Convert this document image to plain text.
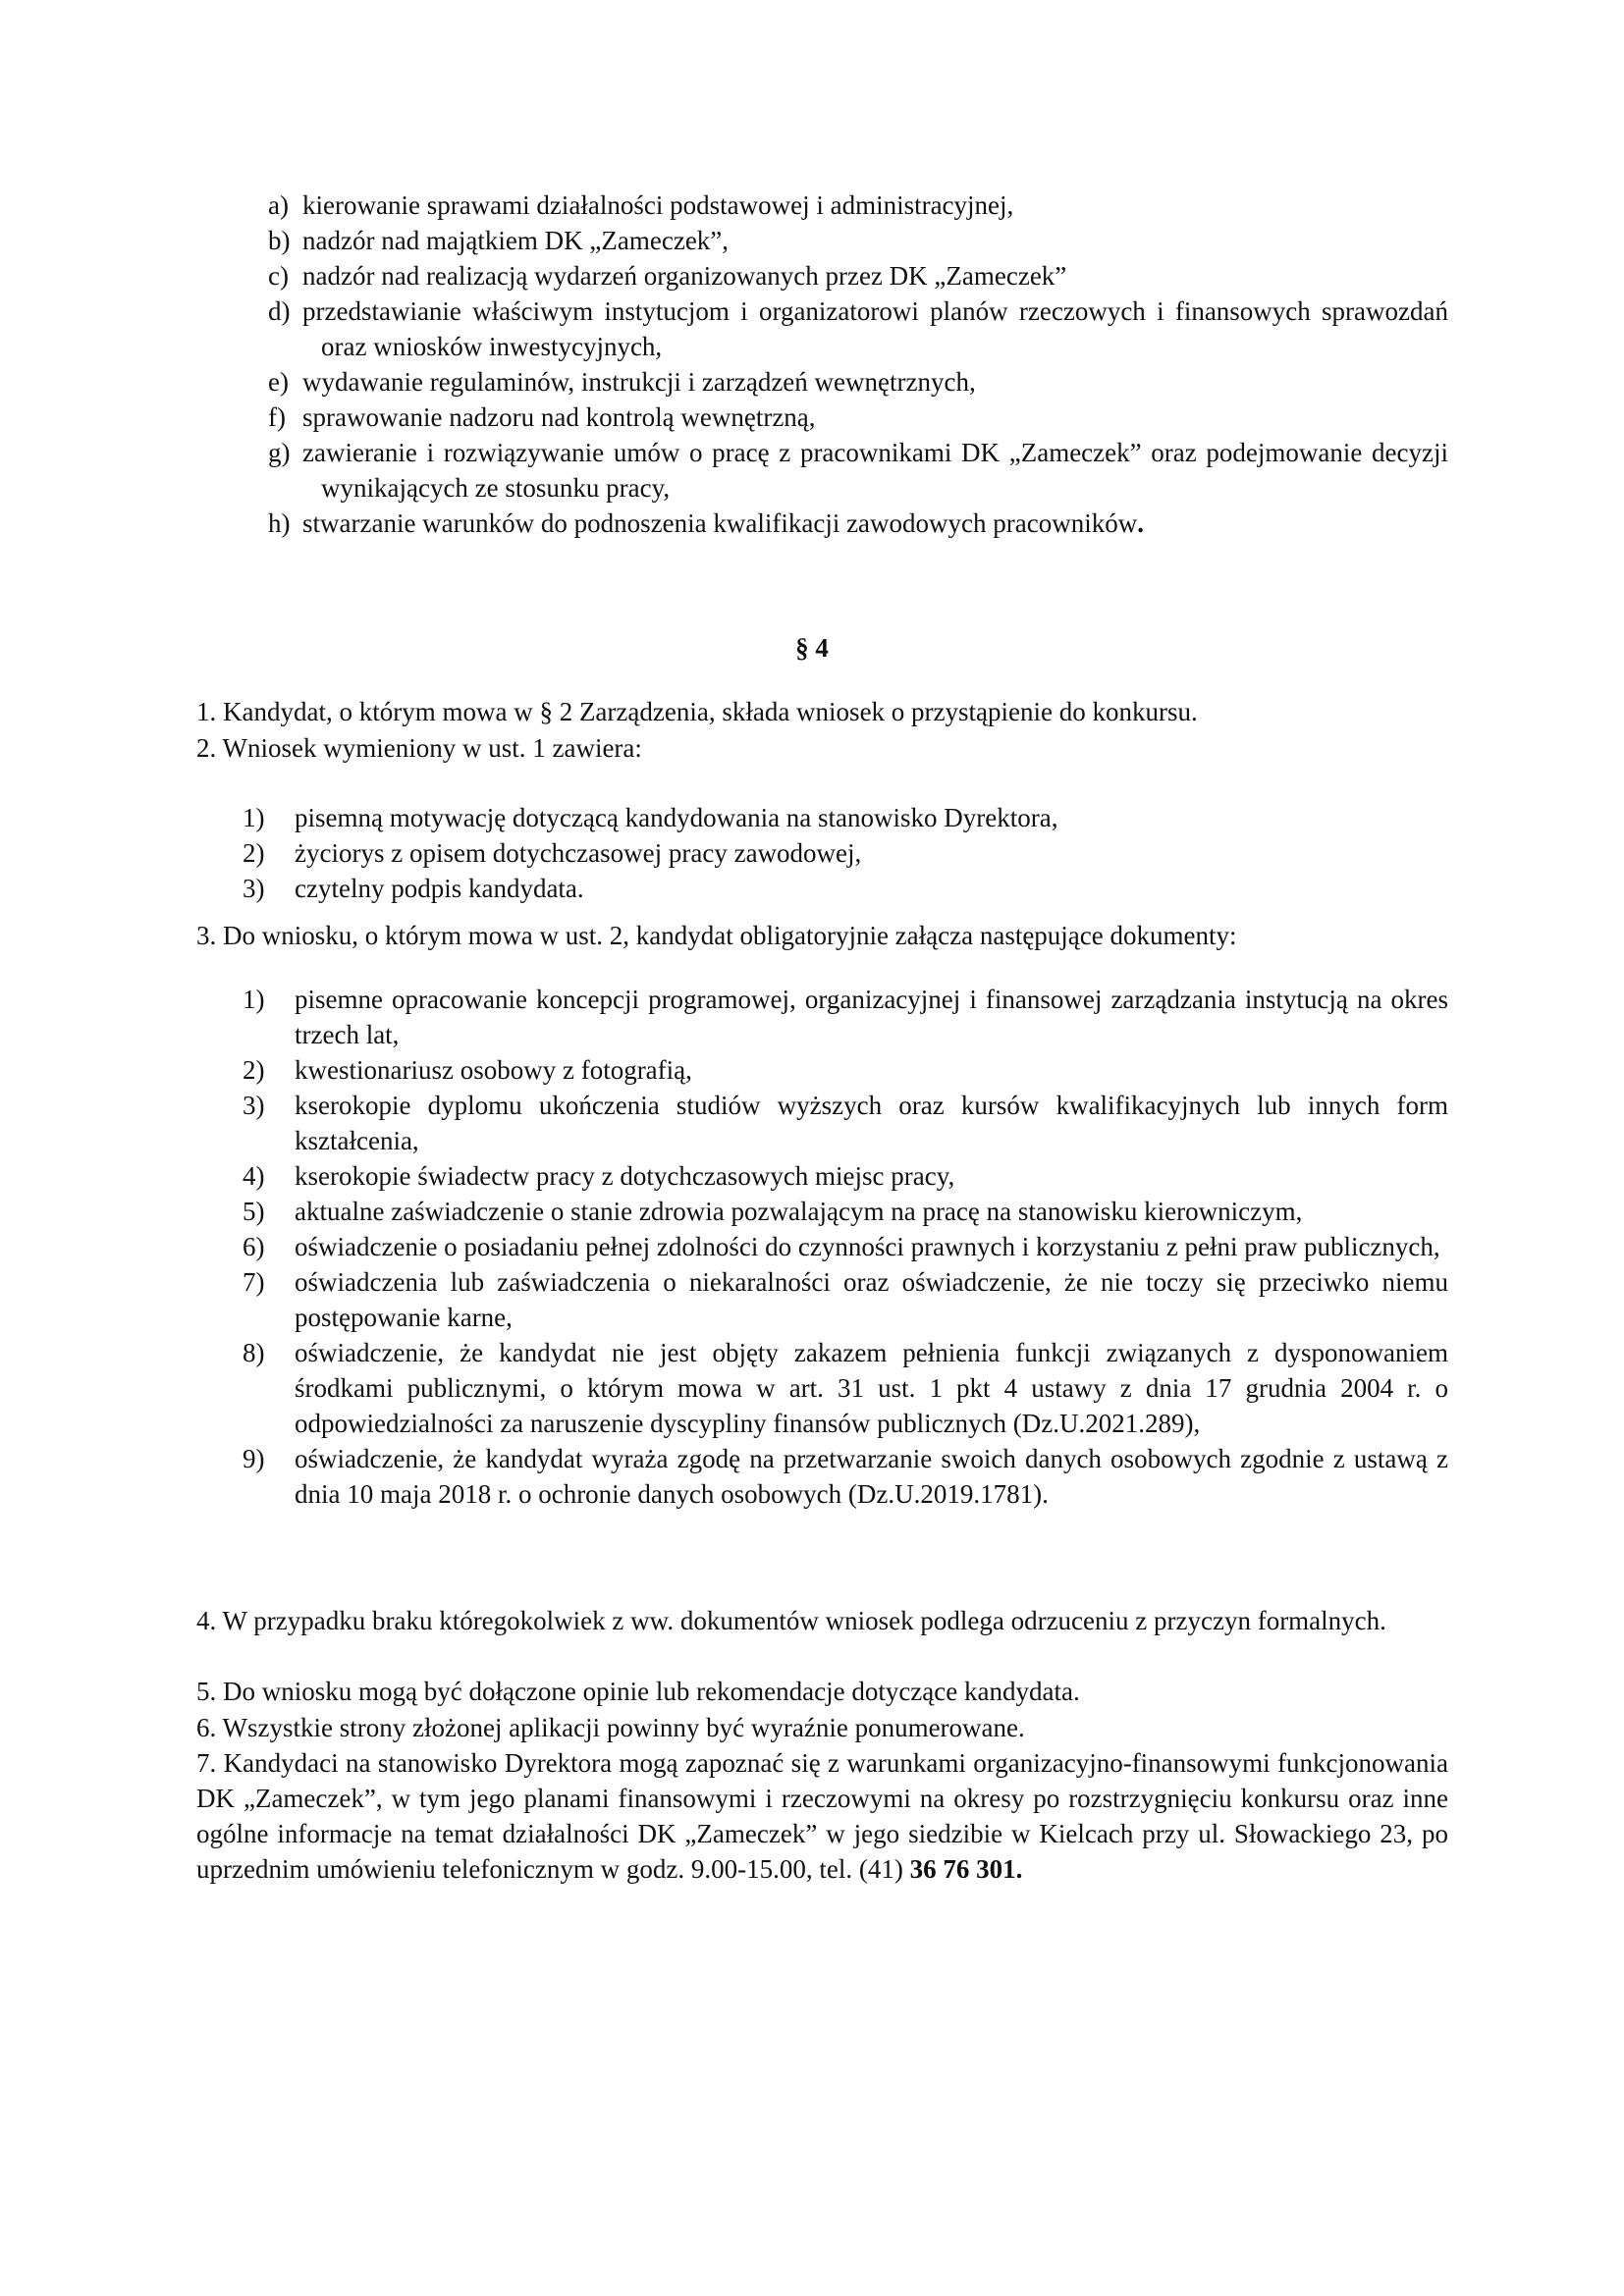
a) kierowanie sprawami działalności podstawowej i administracyjnej,
b) nadzór nad majątkiem DK „Zameczek”,
c) nadzór nad realizacją wydarzeń organizowanych przez DK „Zameczek”
d) przedstawianie właściwym instytucjom i organizatorowi planów rzeczowych i finansowych sprawozdań oraz wniosków inwestycyjnych,
e) wydawanie regulaminów, instrukcji i zarządzeń wewnętrznych,
f) sprawowanie nadzoru nad kontrolą wewnętrzną,
g) zawieranie i rozwiązywanie umów o pracę z pracownikami DK „Zameczek” oraz podejmowanie decyzji wynikających ze stosunku pracy,
h) stwarzanie warunków do podnoszenia kwalifikacji zawodowych pracowników.
§ 4

1. Kandydat, o którym mowa w § 2 Zarządzenia, składa wniosek o przystąpienie do konkursu.

2. Wniosek wymieniony w ust. 1 zawiera:

1)	pisemną motywację dotyczącą kandydowania na stanowisko Dyrektora,
2)	życiorys z opisem dotychczasowej pracy zawodowej,
3)	czytelny podpis kandydata.

3. Do wniosku, o którym mowa w ust. 2, kandydat obligatoryjnie załącza następujące dokumenty:

1)	pisemne opracowanie koncepcji programowej, organizacyjnej i finansowej zarządzania instytucją na okres trzech lat,
2)	kwestionariusz osobowy z fotografią,
3)	kserokopie dyplomu ukończenia studiów wyższych oraz kursów kwalifikacyjnych lub innych form kształcenia,
4)	kserokopie świadectw pracy z dotychczasowych miejsc pracy,
5)	aktualne zaświadczenie o stanie zdrowia pozwalającym na pracę na stanowisku kierowniczym,
6)	oświadczenie o posiadaniu pełnej zdolności do czynności prawnych i korzystaniu z pełni praw publicznych,
7)	oświadczenia lub zaświadczenia o niekaralności oraz oświadczenie, że nie toczy się przeciwko niemu postępowanie karne,
8)	oświadczenie, że kandydat nie jest objęty zakazem pełnienia funkcji związanych z dysponowaniem środkami publicznymi, o którym mowa w art. 31 ust. 1 pkt 4 ustawy z dnia 17 grudnia 2004 r. o odpowiedzialności za naruszenie dyscypliny finansów publicznych (Dz.U.2021.289),
9)	oświadczenie, że kandydat wyraża zgodę na przetwarzanie swoich danych osobowych zgodnie z ustawą z dnia 10 maja 2018 r. o ochronie danych osobowych (Dz.U.2019.1781).

4. W przypadku braku któregokolwiek z ww. dokumentów wniosek podlega odrzuceniu z przyczyn formalnych.

5. Do wniosku mogą być dołączone opinie lub rekomendacje dotyczące kandydata.

6. Wszystkie strony złożonej aplikacji powinny być wyraźnie ponumerowane.

7. Kandydaci na stanowisko Dyrektora mogą zapoznać się z warunkami organizacyjno-finansowymi funkcjonowania DK „Zameczek”, w tym jego planami finansowymi i rzeczowymi na okresy po rozstrzygnięciu konkursu oraz inne ogólne informacje na temat działalności DK „Zameczek” w jego siedzibie w Kielcach przy ul. Słowackiego 23, po uprzednim umówieniu telefonicznym w godz. 9.00-15.00, tel. (41) 36 76 301.
